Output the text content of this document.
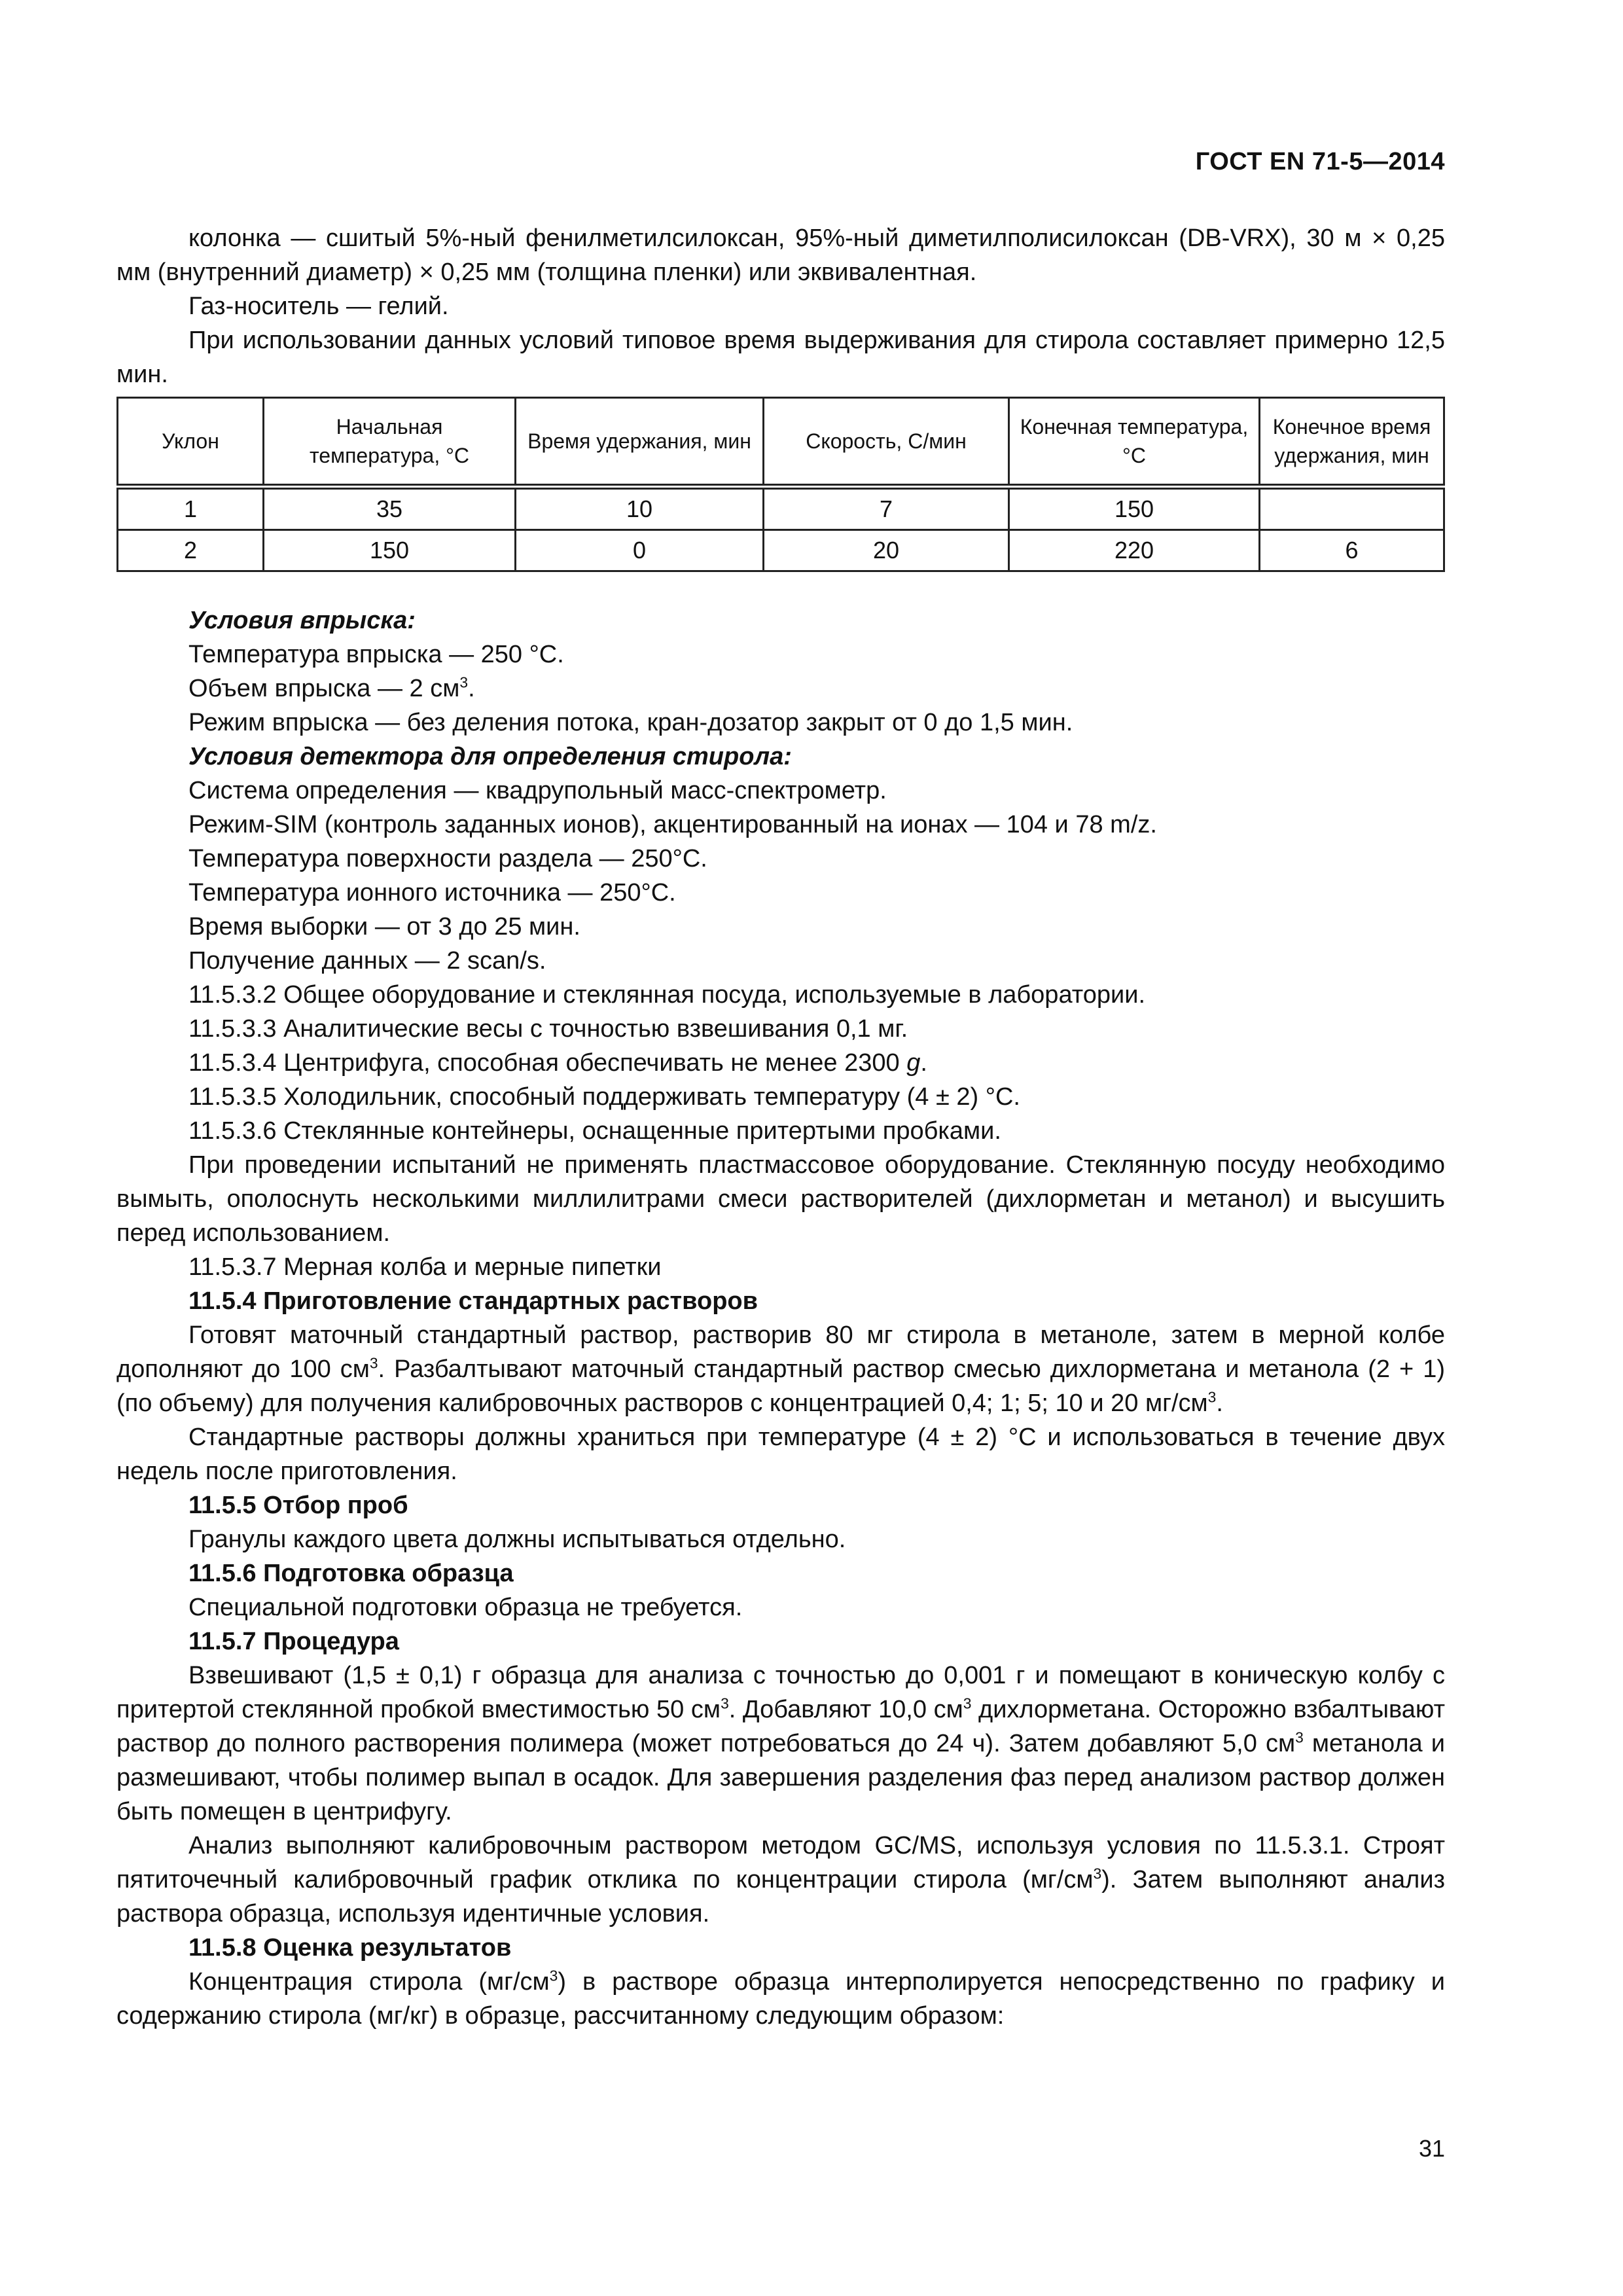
ГОСТ EN 71-5—2014

колонка — сшитый 5%-ный фенилметилсилоксан, 95%-ный диметилполисилоксан (DB-VRX), 30 м × 0,25 мм (внутренний диаметр) × 0,25 мм (толщина пленки) или эквивалентная.

Газ-носитель — гелий.

При использовании данных условий типовое время выдерживания для стирола составляет примерно 12,5 мин.

Уклон	Начальная температура, °С	Время удержания, мин	Скорость, С/мин	Конечная температура, °С	Конечное время удержания, мин
1	35	10	7	150	
2	150	0	20	220	6

Условия впрыска:

Температура впрыска — 250 °С.

Объем впрыска — 2 $см^3$.

Режим впрыска — без деления потока, кран-дозатор закрыт от 0 до 1,5 мин.

Условия детектора для определения стирола:

Система определения — квадрупольный масс-спектрометр.

Режим-SIM (контроль заданных ионов), акцентированный на ионах — 104 и 78 m/z.

Температура поверхности раздела — 250°С.

Температура ионного источника — 250°С.

Время выборки — от 3 до 25 мин.

Получение данных — 2 scan/s.

11.5.3.2 Общее оборудование и стеклянная посуда, используемые в лаборатории.

11.5.3.3 Аналитические весы с точностью взвешивания 0,1 мг.

11.5.3.4 Центрифуга, способная обеспечивать не менее 2300 g.

11.5.3.5 Холодильник, способный поддерживать температуру (4 ± 2) °С.

11.5.3.6 Стеклянные контейнеры, оснащенные притертыми пробками.

При проведении испытаний не применять пластмассовое оборудование. Стеклянную посуду необходимо вымыть, ополоснуть несколькими миллилитрами смеси растворителей (дихлорметан и метанол) и высушить перед использованием.

11.5.3.7 Мерная колба и мерные пипетки

11.5.4 Приготовление стандартных растворов

Готовят маточный стандартный раствор, растворив 80 мг стирола в метаноле, затем в мерной колбе дополняют до 100 $см^3$. Разбалтывают маточный стандартный раствор смесью дихлорметана и метанола (2 + 1) (по объему) для получения калибровочных растворов с концентрацией 0,4; 1; 5; 10 и 20 $мг/см^3$.

Стандартные растворы должны храниться при температуре (4 ± 2) °С и использоваться в течение двух недель после приготовления.

11.5.5 Отбор проб

Гранулы каждого цвета должны испытываться отдельно.

11.5.6 Подготовка образца

Специальной подготовки образца не требуется.

11.5.7 Процедура

Взвешивают (1,5 ± 0,1) г образца для анализа с точностью до 0,001 г и помещают в коническую колбу с притертой стеклянной пробкой вместимостью 50 $см^3$. Добавляют 10,0 $см^3$ дихлорметана. Осторожно взбалтывают раствор до полного растворения полимера (может потребоваться до 24 ч). Затем добавляют 5,0 $см^3$ метанола и размешивают, чтобы полимер выпал в осадок. Для завершения разделения фаз перед анализом раствор должен быть помещен в центрифугу.

Анализ выполняют калибровочным раствором методом GC/MS, используя условия по 11.5.3.1. Строят пятиточечный калибровочный график отклика по концентрации стирола $(мг/см^3)$. Затем выполняют анализ раствора образца, используя идентичные условия.

11.5.8 Оценка результатов

Концентрация стирола $(мг/см^3)$ в растворе образца интерполируется непосредственно по графику и содержанию стирола (мг/кг) в образце, рассчитанному следующим образом:

31
